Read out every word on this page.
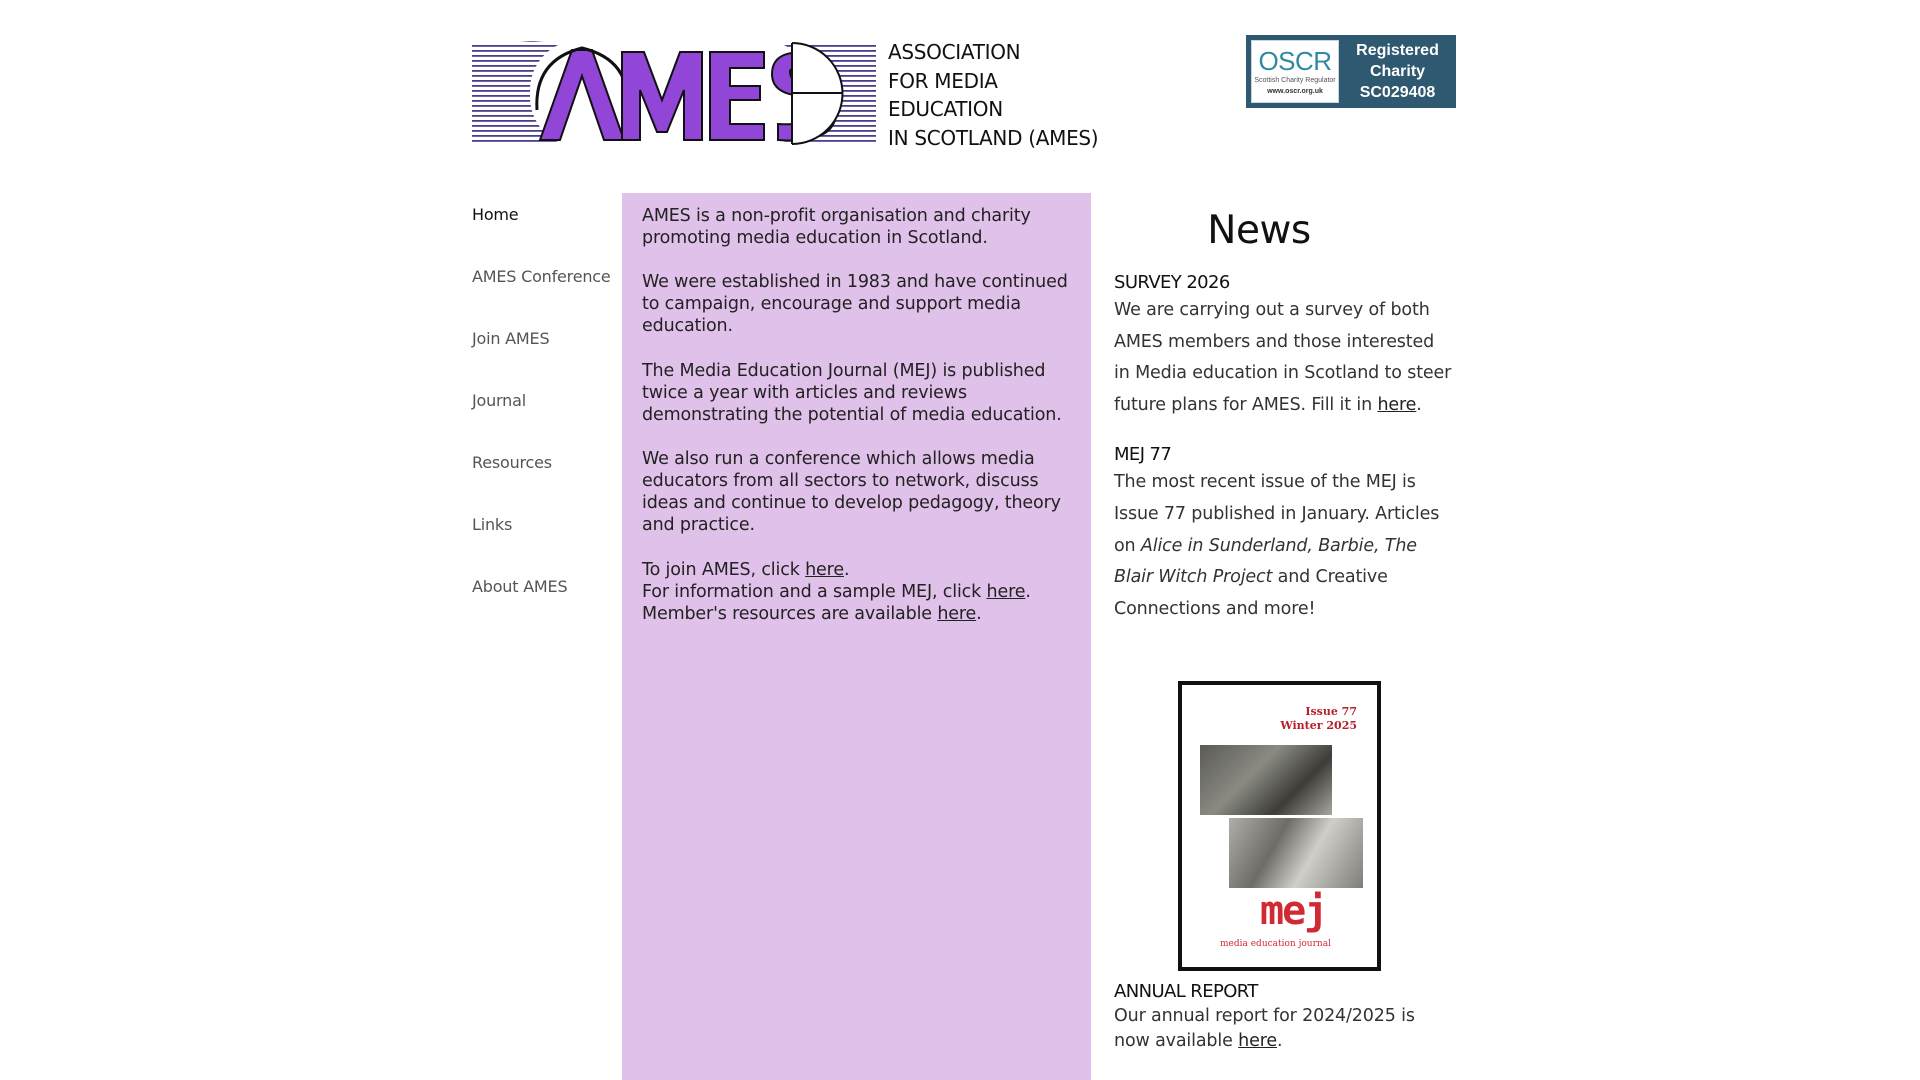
ASSOCIATION
FOR MEDIA
EDUCATION
IN SCOTLAND (AMES)
OSCR
Scottish Charity Regulator
www.oscr.org.uk
Registered
Charity
SC029408
Home
AMES Conference
Join AMES
Journal
Resources
Links
About AMES

AMES is a non-profit organisation and charity promoting media education in Scotland.

We were established in 1983 and have continued to campaign, encourage and support media education.

The Media Education Journal (MEJ) is published twice a year with articles and reviews demonstrating the potential of media education.

We also run a conference which allows media educators from all sectors to network, discuss ideas and continue to develop pedagogy, theory and practice.

To join AMES, click here.

For information and a sample MEJ, click here.

Member's resources are available here.

News
SURVEY 2026
We are carrying out a survey of both AMES members and those interested in Media education in Scotland to steer future plans for AMES. Fill it in here.
MEJ 77
The most recent issue of the MEJ is Issue 77 published in January. Articles on Alice in Sunderland, Barbie, The Blair Witch Project and Creative Connections and more!
Issue 77
Winter 2025
mej
media education journal
ANNUAL REPORT
Our annual report for 2024/2025 is now available here.
